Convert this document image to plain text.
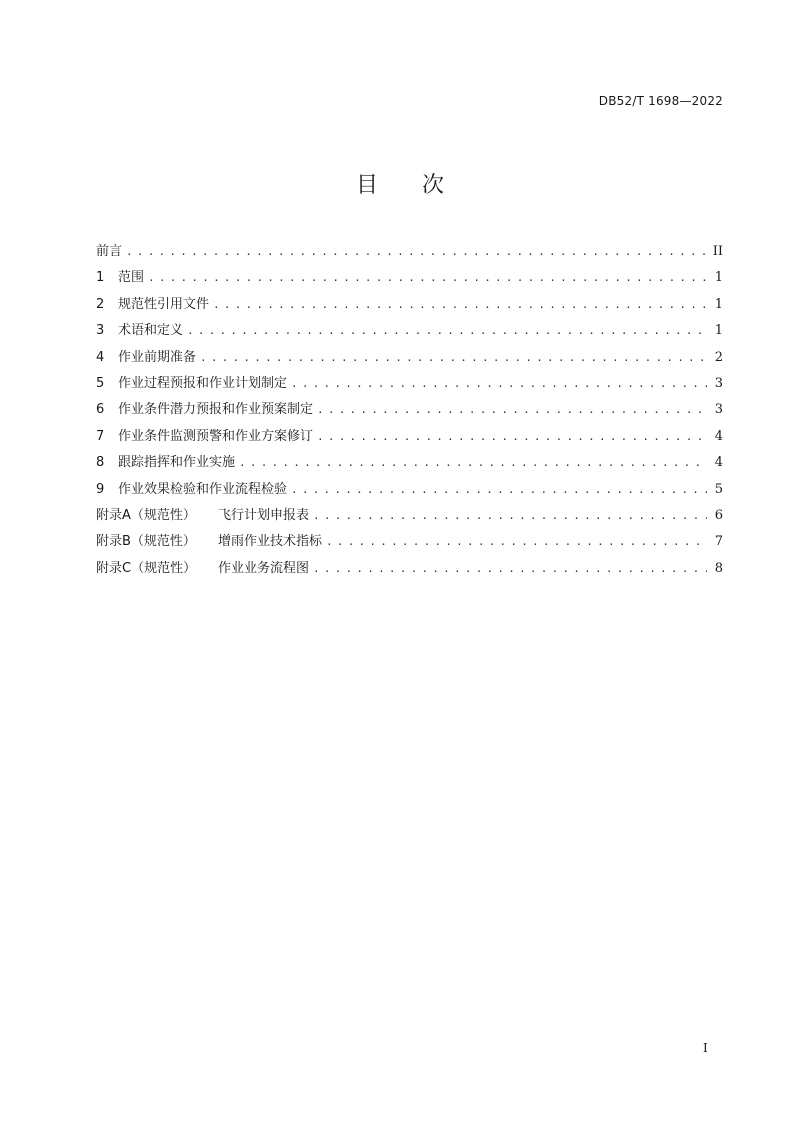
DB52/T 1698—2022
目 次
前言 . . .	II
1	范围 . . .	1
2	规范性引用文件 . . .	1
3	术语和定义 . . .	1
4	作业前期准备 . . .	2
5	作业过程预报和作业计划制定 . . .	3
6	作业条件潜力预报和作业预案制定 . . .	3
7	作业条件监测预警和作业方案修订 . . .	4
8	跟踪指挥和作业实施 . . .	4
9	作业效果检验和作业流程检验 . . .	5
附录A（规范性）	飞行计划申报表 . . .	6
附录B（规范性）	增雨作业技术指标 . . .	7
附录C（规范性）	作业业务流程图 . . .	8
I
